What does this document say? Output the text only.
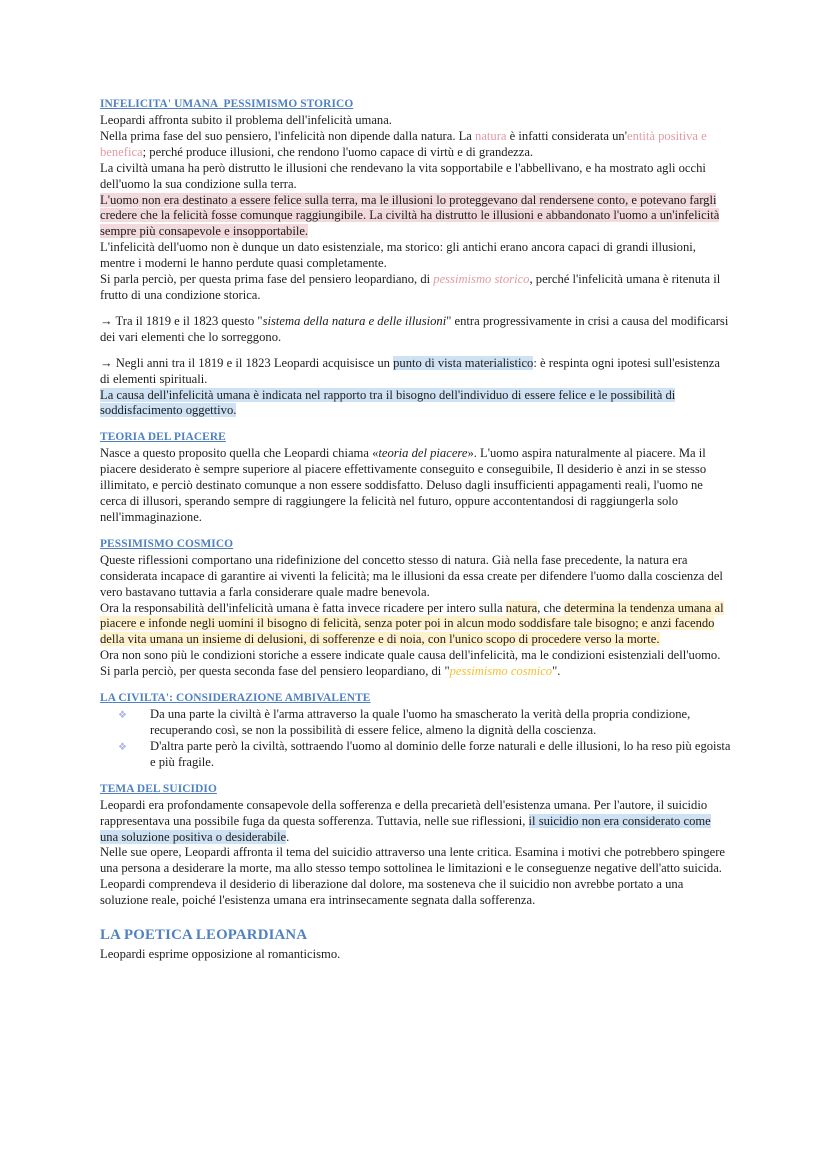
INFELICITA' UMANA  PESSIMISMO STORICO

Leopardi affronta subito il problema dell'infelicità umana.

Nella prima fase del suo pensiero, l'infelicità non dipende dalla natura. La natura è infatti considerata un'entità positiva e benefica; perché produce illusioni, che rendono l'uomo capace di virtù e di grandezza.

La civiltà umana ha però distrutto le illusioni che rendevano la vita sopportabile e l'abbellivano, e ha mostrato agli occhi dell'uomo la sua condizione sulla terra.

L'uomo non era destinato a essere felice sulla terra, ma le illusioni lo proteggevano dal rendersene conto, e potevano fargli credere che la felicità fosse comunque raggiungibile. La civiltà ha distrutto le illusioni e abbandonato l'uomo a un'infelicità sempre più consapevole e insopportabile.

L'infelicità dell'uomo non è dunque un dato esistenziale, ma storico: gli antichi erano ancora capaci di grandi illusioni, mentre i moderni le hanno perdute quasi completamente.

Si parla perciò, per questa prima fase del pensiero leopardiano, di pessimismo storico, perché l'infelicità umana è ritenuta il frutto di una condizione storica.

→ Tra il 1819 e il 1823 questo "sistema della natura e delle illusioni" entra progressivamente in crisi a causa del modificarsi dei vari elementi che lo sorreggono.

→ Negli anni tra il 1819 e il 1823 Leopardi acquisisce un punto di vista materialistico: è respinta ogni ipotesi sull'esistenza di elementi spirituali.

La causa dell'infelicità umana è indicata nel rapporto tra il bisogno dell'individuo di essere felice e le possibilità di soddisfacimento oggettivo.

TEORIA DEL PIACERE

Nasce a questo proposito quella che Leopardi chiama «teoria del piacere». L'uomo aspira naturalmente al piacere. Ma il piacere desiderato è sempre superiore al piacere effettivamente conseguito e conseguibile, Il desiderio è anzi in se stesso illimitato, e perciò destinato comunque a non essere soddisfatto. Deluso dagli insufficienti appagamenti reali, l'uomo ne cerca di illusori, sperando sempre di raggiungere la felicità nel futuro, oppure accontentandosi di raggiungerla solo nell'immaginazione.

PESSIMISMO COSMICO

Queste riflessioni comportano una ridefinizione del concetto stesso di natura. Già nella fase precedente, la natura era considerata incapace di garantire ai viventi la felicità; ma le illusioni da essa create per difendere l'uomo dalla coscienza del vero bastavano tuttavia a farla considerare quale madre benevola.

Ora la responsabilità dell'infelicità umana è fatta invece ricadere per intero sulla natura, che determina la tendenza umana al piacere e infonde negli uomini il bisogno di felicità, senza poter poi in alcun modo soddisfare tale bisogno; e anzi facendo della vita umana un insieme di delusioni, di sofferenze e di noia, con l'unico scopo di procedere verso la morte.

Ora non sono più le condizioni storiche a essere indicate quale causa dell'infelicità, ma le condizioni esistenziali dell'uomo. Si parla perciò, per questa seconda fase del pensiero leopardiano, di "pessimismo cosmico".

LA CIVILTA': CONSIDERAZIONE AMBIVALENTE
❖ Da una parte la civiltà è l'arma attraverso la quale l'uomo ha smascherato la verità della propria condizione, recuperando così, se non la possibilità di essere felice, almeno la dignità della coscienza.
❖ D'altra parte però la civiltà, sottraendo l'uomo al dominio delle forze naturali e delle illusioni, lo ha reso più egoista e più fragile.
TEMA DEL SUICIDIO

Leopardi era profondamente consapevole della sofferenza e della precarietà dell'esistenza umana. Per l'autore, il suicidio rappresentava una possibile fuga da questa sofferenza. Tuttavia, nelle sue riflessioni, il suicidio non era considerato come una soluzione positiva o desiderabile.

Nelle sue opere, Leopardi affronta il tema del suicidio attraverso una lente critica. Esamina i motivi che potrebbero spingere una persona a desiderare la morte, ma allo stesso tempo sottolinea le limitazioni e le conseguenze negative dell'atto suicida. Leopardi comprendeva il desiderio di liberazione dal dolore, ma sosteneva che il suicidio non avrebbe portato a una soluzione reale, poiché l'esistenza umana era intrinsecamente segnata dalla sofferenza.

LA POETICA LEOPARDIANA

Leopardi esprime opposizione al romanticismo.
